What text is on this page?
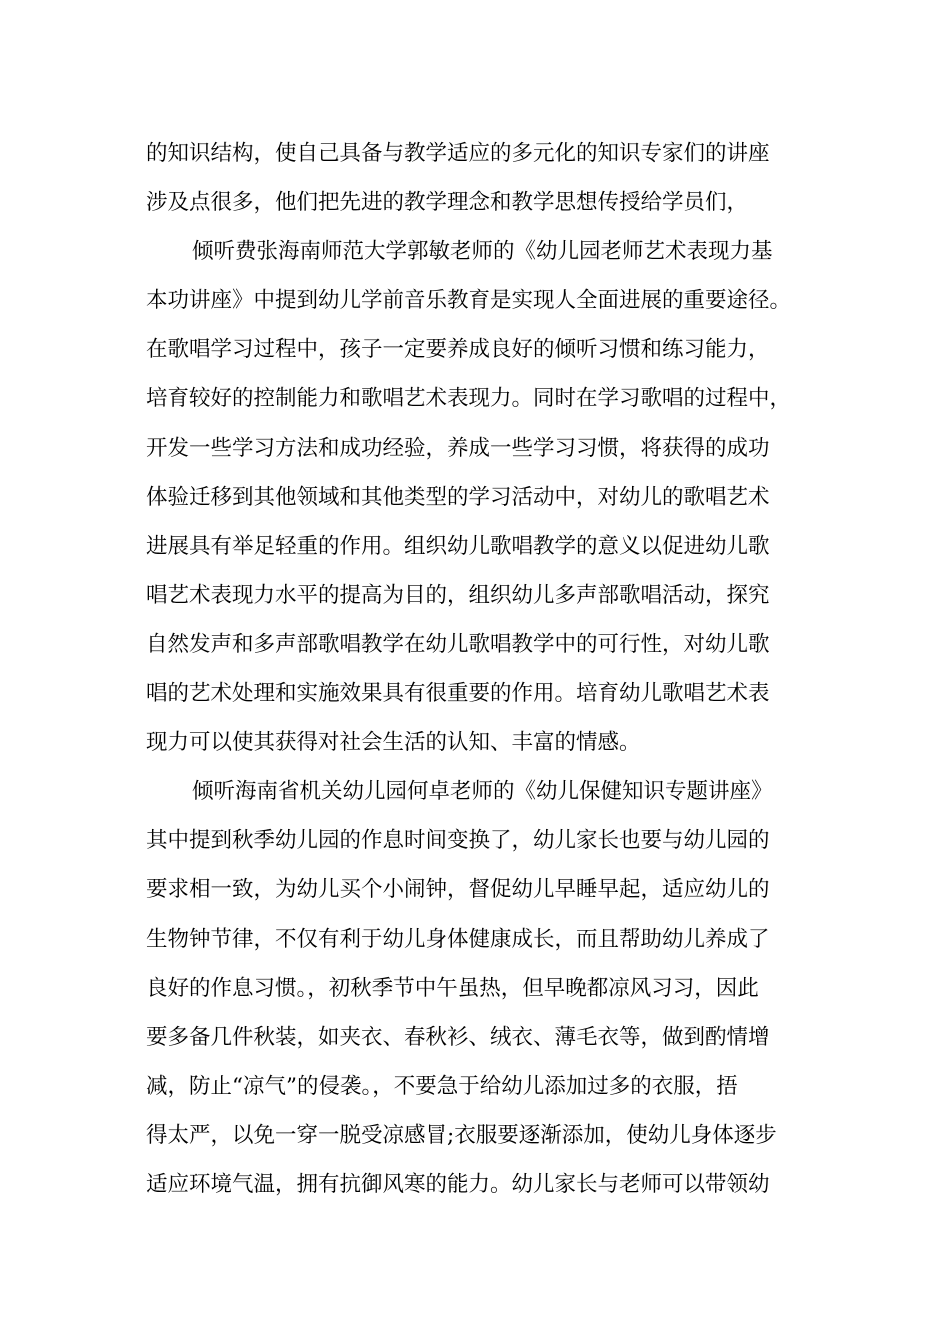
的知识结构，使自己具备与教学适应的多元化的知识专家们的讲座
涉及点很多，他们把先进的教学理念和教学思想传授给学员们，
倾听费张海南师范大学郭敏老师的《幼儿园老师艺术表现力基
本功讲座》中提到幼儿学前音乐教育是实现人全面进展的重要途径。
在歌唱学习过程中，孩子一定要养成良好的倾听习惯和练习能力，
培育较好的控制能力和歌唱艺术表现力。同时在学习歌唱的过程中，
开发一些学习方法和成功经验，养成一些学习习惯，将获得的成功
体验迁移到其他领域和其他类型的学习活动中，对幼儿的歌唱艺术
进展具有举足轻重的作用。组织幼儿歌唱教学的意义以促进幼儿歌
唱艺术表现力水平的提高为目的，组织幼儿多声部歌唱活动，探究
自然发声和多声部歌唱教学在幼儿歌唱教学中的可行性，对幼儿歌
唱的艺术处理和实施效果具有很重要的作用。培育幼儿歌唱艺术表
现力可以使其获得对社会生活的认知、丰富的情感。
倾听海南省机关幼儿园何卓老师的《幼儿保健知识专题讲座》
其中提到秋季幼儿园的作息时间变换了，幼儿家长也要与幼儿园的
要求相一致，为幼儿买个小闹钟，督促幼儿早睡早起，适应幼儿的
生物钟节律，不仅有利于幼儿身体健康成长，而且帮助幼儿养成了
良好的作息习惯。，初秋季节中午虽热，但早晚都凉风习习，因此
要多备几件秋装，如夹衣、春秋衫、绒衣、薄毛衣等，做到酌情增
减，防止“凉气”的侵袭。，不要急于给幼儿添加过多的衣服，捂
得太严，以免一穿一脱受凉感冒;衣服要逐渐添加，使幼儿身体逐步
适应环境气温，拥有抗御风寒的能力。幼儿家长与老师可以带领幼
